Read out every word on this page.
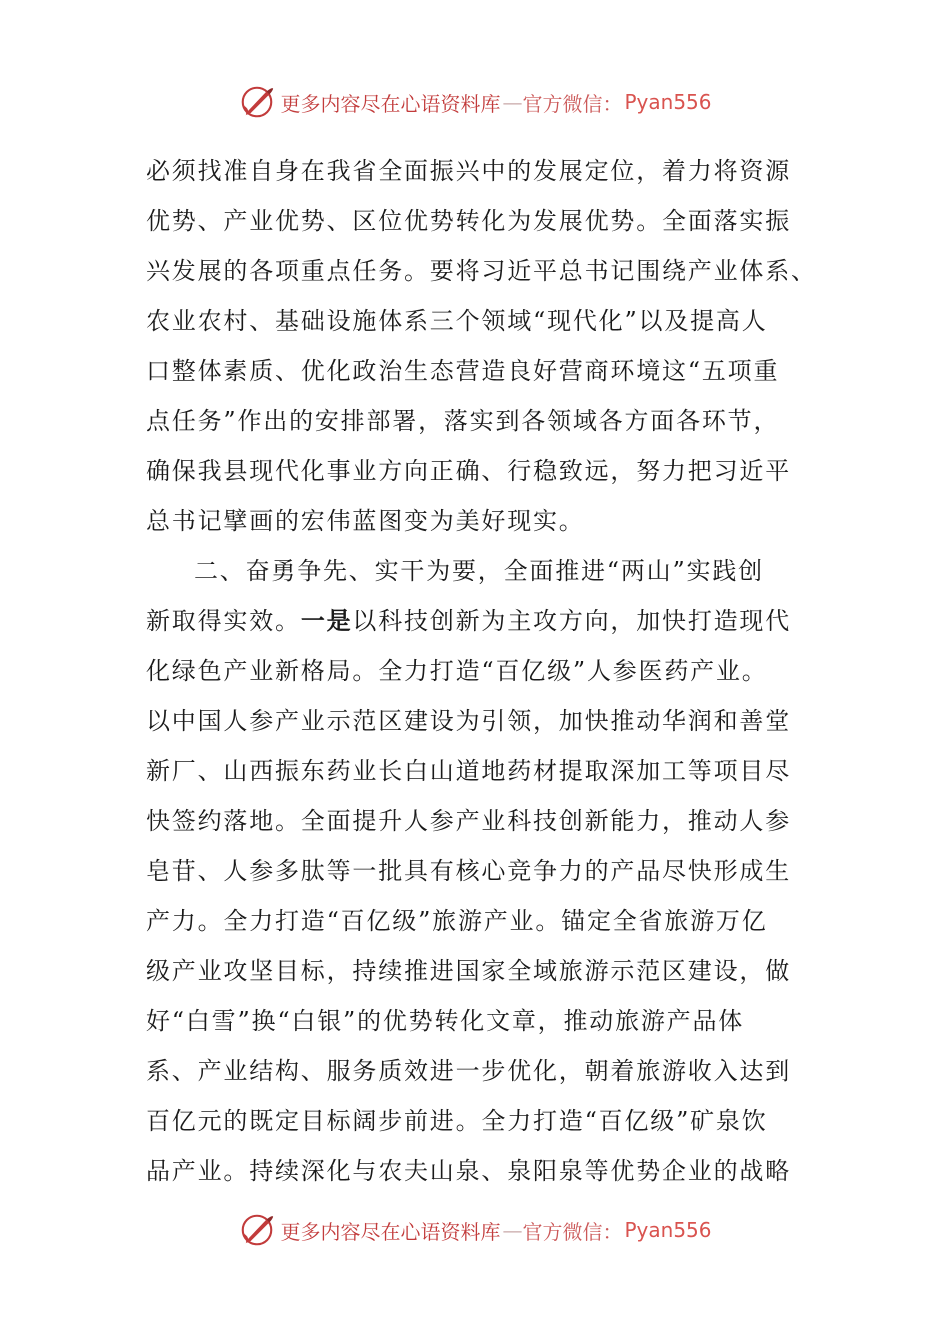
更多内容尽在心语资料库 — 官方微信： Pyan556
必须找准自身在我省全面振兴中的发展定位，着力将资源
优势、产业优势、区位优势转化为发展优势。全面落实振
兴发展的各项重点任务。要将习近平总书记围绕产业体系、
农业农村、基础设施体系三个领域“现代化”以及提高人
口整体素质、优化政治生态营造良好营商环境这“五项重
点任务”作出的安排部署，落实到各领域各方面各环节，
确保我县现代化事业方向正确、行稳致远，努力把习近平
总书记擘画的宏伟蓝图变为美好现实。
二、奋勇争先、实干为要，全面推进“两山”实践创
新取得实效。一是以科技创新为主攻方向，加快打造现代
化绿色产业新格局。全力打造“百亿级”人参医药产业。
以中国人参产业示范区建设为引领，加快推动华润和善堂
新厂、山西振东药业长白山道地药材提取深加工等项目尽
快签约落地。全面提升人参产业科技创新能力，推动人参
皂苷、人参多肽等一批具有核心竞争力的产品尽快形成生
产力。全力打造“百亿级”旅游产业。锚定全省旅游万亿
级产业攻坚目标，持续推进国家全域旅游示范区建设，做
好“白雪”换“白银”的优势转化文章，推动旅游产品体
系、产业结构、服务质效进一步优化，朝着旅游收入达到
百亿元的既定目标阔步前进。全力打造“百亿级”矿泉饮
品产业。持续深化与农夫山泉、泉阳泉等优势企业的战略
更多内容尽在心语资料库 — 官方微信： Pyan556
